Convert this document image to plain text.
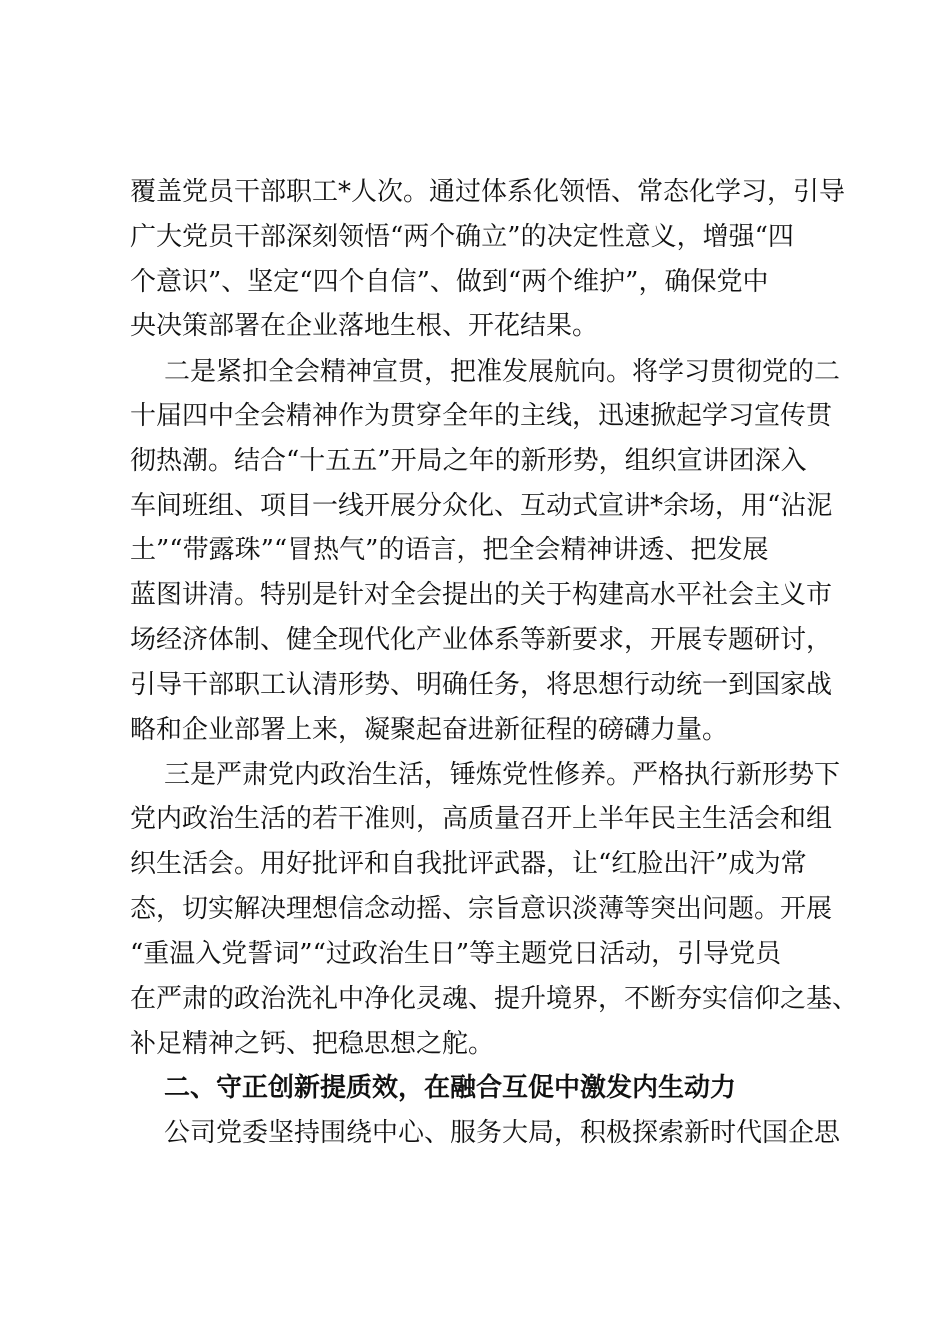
覆盖党员干部职工*人次。通过体系化领悟、常态化学习，引导

广大党员干部深刻领悟“两个确立”的决定性意义，增强“四

个意识”、坚定“四个自信”、做到“两个维护”，确保党中

央决策部署在企业落地生根、开花结果。

二是紧扣全会精神宣贯，把准发展航向。将学习贯彻党的二

十届四中全会精神作为贯穿全年的主线，迅速掀起学习宣传贯

彻热潮。结合“十五五”开局之年的新形势，组织宣讲团深入

车间班组、项目一线开展分众化、互动式宣讲*余场，用“沾泥

土”“带露珠”“冒热气”的语言，把全会精神讲透、把发展

蓝图讲清。特别是针对全会提出的关于构建高水平社会主义市

场经济体制、健全现代化产业体系等新要求，开展专题研讨，

引导干部职工认清形势、明确任务，将思想行动统一到国家战

略和企业部署上来，凝聚起奋进新征程的磅礴力量。

三是严肃党内政治生活，锤炼党性修养。严格执行新形势下

党内政治生活的若干准则，高质量召开上半年民主生活会和组

织生活会。用好批评和自我批评武器，让“红脸出汗”成为常

态，切实解决理想信念动摇、宗旨意识淡薄等突出问题。开展

“重温入党誓词”“过政治生日”等主题党日活动，引导党员

在严肃的政治洗礼中净化灵魂、提升境界，不断夯实信仰之基、

补足精神之钙、把稳思想之舵。

二、守正创新提质效，在融合互促中激发内生动力

公司党委坚持围绕中心、服务大局，积极探索新时代国企思
